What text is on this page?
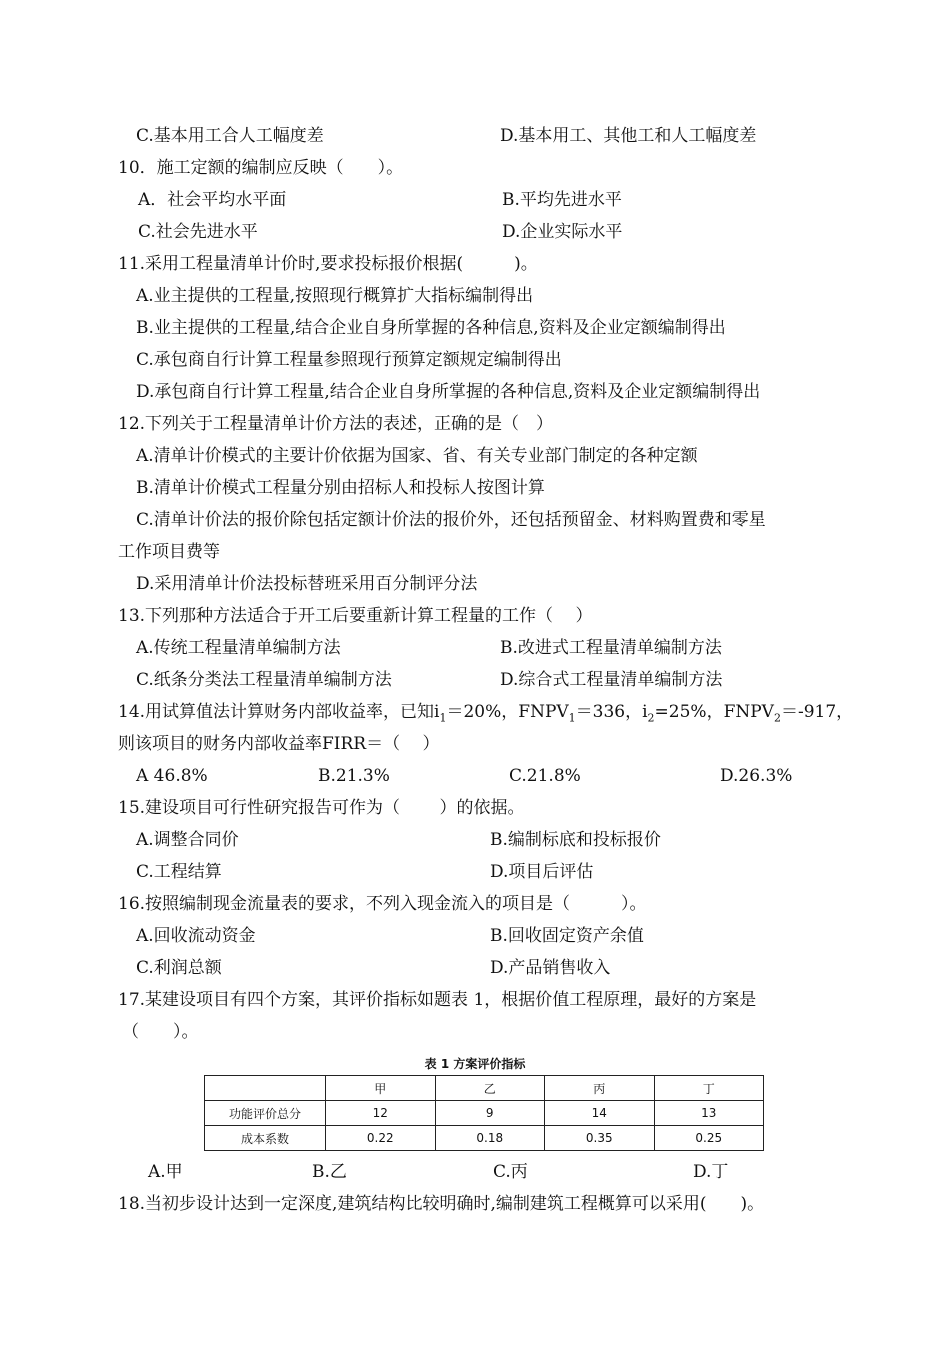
C.基本用工合人工幅度差	D.基本用工、其他工和人工幅度差
10．施工定额的编制应反映（　　）。
A．社会平均水平面	B.平均先进水平
C.社会先进水平	D.企业实际水平
11.采用工程量清单计价时,要求投标报价根据(　　　)。
A.业主提供的工程量,按照现行概算扩大指标编制得出
B.业主提供的工程量,结合企业自身所掌握的各种信息,资料及企业定额编制得出
C.承包商自行计算工程量参照现行预算定额规定编制得出
D.承包商自行计算工程量,结合企业自身所掌握的各种信息,资料及企业定额编制得出
12.下列关于工程量清单计价方法的表述，正确的是（　）
A.清单计价模式的主要计价依据为国家、省、有关专业部门制定的各种定额
B.清单计价模式工程量分别由招标人和投标人按图计算
C.清单计价法的报价除包括定额计价法的报价外，还包括预留金、材料购置费和零星
工作项目费等
D.采用清单计价法投标替班采用百分制评分法
13.下列那种方法适合于开工后要重新计算工程量的工作（　 ）
A.传统工程量清单编制方法	B.改进式工程量清单编制方法
C.纸条分类法工程量清单编制方法	D.综合式工程量清单编制方法
14.用试算值法计算财务内部收益率，已知$i_1=20\%$，$FNPV_1=336$，$i_2=25\%$，$FNPV_2=-917$，
则该项目的财务内部收益率FIRR＝（　 ）
A 46.8%	B.21.3%	C.21.8%	D.26.3%
15.建设项目可行性研究报告可作为（　　 ）的依据。
A.调整合同价	B.编制标底和投标报价
C.工程结算	D.项目后评估
16.按照编制现金流量表的要求，不列入现金流入的项目是（　　　）。
A.回收流动资金	B.回收固定资产余值
C.利润总额	D.产品销售收入
17.某建设项目有四个方案，其评价指标如题表 1，根据价值工程原理，最好的方案是
（　　）。
表 1 方案评价指标
	甲	乙	丙	丁
功能评价总分	12	9	14	13
成本系数	0.22	0.18	0.35	0.25
A.甲	B.乙	C.丙	D.丁
18.当初步设计达到一定深度,建筑结构比较明确时,编制建筑工程概算可以采用(　　)。
